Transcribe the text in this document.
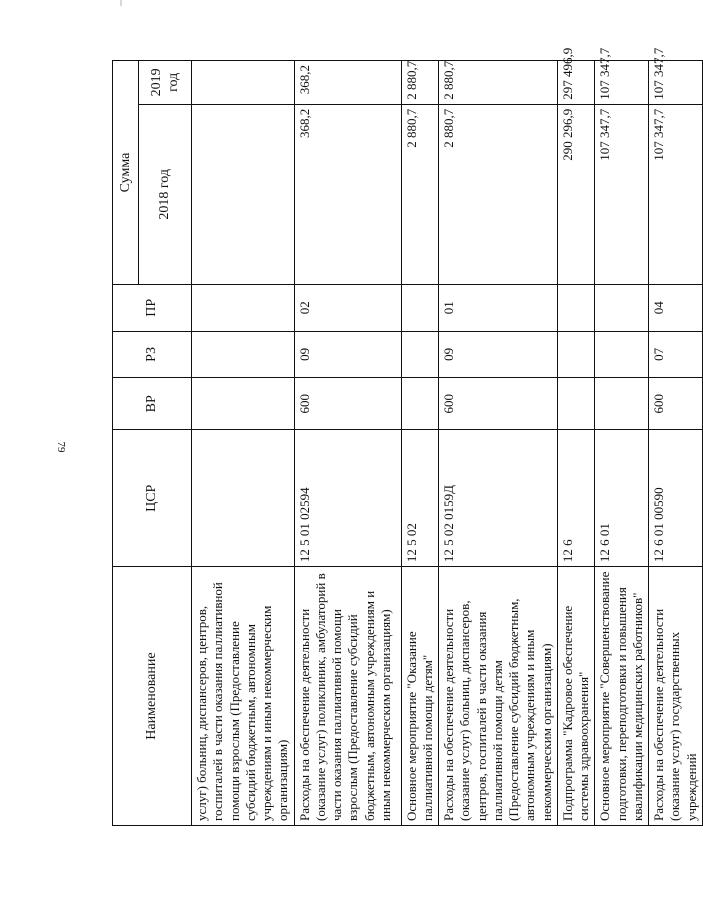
79
Наименование	ЦСР	ВР	РЗ	ПР	Сумма	
					2018 год	2019 год
услуг) больниц, диспансеров, центров, госпиталей в части оказания паллиативной помощи взрослым (Предоставление субсидий бюджетным, автономным учреждениям и иным некоммерческим организациям)						
Расходы на обеспечение деятельности (оказание услуг) поликлиник, амбулаторий в части оказания паллиативной помощи взрослым (Предоставление субсидий бюджетным, автономным учреждениям и иным некоммерческим организациям)	12 5 01 02594	600	09	02	368,2	368,2
Основное мероприятие "Оказание паллиативной помощи детям"	12 5 02				2 880,7	2 880,7
Расходы на обеспечение деятельности (оказание услуг) больниц, диспансеров, центров, госпиталей в части оказания паллиативной помощи детям (Предоставление субсидий бюджетным, автономным учреждениям и иным некоммерческим организациям)	12 5 02 0159Д	600	09	01	2 880,7	2 880,7
Подпрограмма "Кадровое обеспечение системы здравоохранения"	12 6				290 296,9	297 496,9
Основное мероприятие "Совершенствование подготовки, переподготовки и повышения квалификации медицинских работников"	12 6 01				107 347,7	107 347,7
Расходы на обеспечение деятельности (оказание услуг) государственных учреждений	12 6 01 00590	600	07	04	107 347,7	107 347,7
